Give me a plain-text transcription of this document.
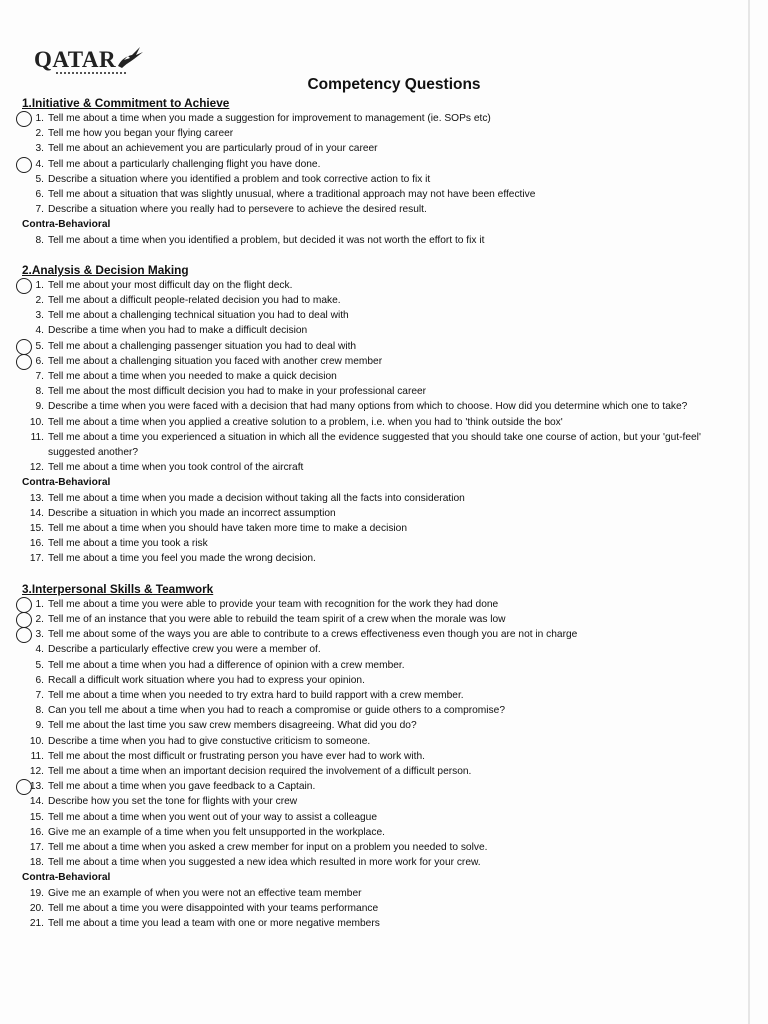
QATAR
Competency Questions
1.Initiative & Commitment to Achieve
1. Tell me about a time when you made a suggestion for improvement to management (ie. SOPs etc)
2. Tell me how you began your flying career
3. Tell me about an achievement you are particularly proud of in your career
4. Tell me about a particularly challenging flight you have done.
5. Describe a situation where you identified a problem and took corrective action to fix it
6. Tell me about a situation that was slightly unusual, where a traditional approach may not have been effective
7. Describe a situation where you really had to persevere to achieve the desired result.
Contra-Behavioral
8. Tell me about a time when you identified a problem, but decided it was not worth the effort to fix it
2.Analysis & Decision Making
1. Tell me about your most difficult day on the flight deck.
2. Tell me about a difficult people-related decision you had to make.
3. Tell me about a challenging technical situation you had to deal with
4. Describe a time when you had to make a difficult decision
5. Tell me about a challenging passenger situation you had to deal with
6. Tell me about a challenging situation you faced with another crew member
7. Tell me about a time when you needed to make a quick decision
8. Tell me about the most difficult decision you had to make in your professional career
9. Describe a time when you were faced with a decision that had many options from which to choose. How did you determine which one to take?
10. Tell me about a time when you applied a creative solution to a problem, i.e. when you had to 'think outside the box'
11. Tell me about a time you experienced a situation in which all the evidence suggested that you should take one course of action, but your 'gut-feel' suggested another?
12. Tell me about a time when you took control of the aircraft
Contra-Behavioral
13. Tell me about a time when you made a decision without taking all the facts into consideration
14. Describe a situation in which you made an incorrect assumption
15. Tell me about a time when you should have taken more time to make a decision
16. Tell me about a time you took a risk
17. Tell me about a time you feel you made the wrong decision.
3.Interpersonal Skills & Teamwork
1. Tell me about a time you were able to provide your team with recognition for the work they had done
2. Tell me of an instance that you were able to rebuild the team spirit of a crew when the morale was low
3. Tell me about some of the ways you are able to contribute to a crews effectiveness even though you are not in charge
4. Describe a particularly effective crew you were a member of.
5. Tell me about a time when you had a difference of opinion with a crew member.
6. Recall a difficult work situation where you had to express your opinion.
7. Tell me about a time when you needed to try extra hard to build rapport with a crew member.
8. Can you tell me about a time when you had to reach a compromise or guide others to a compromise?
9. Tell me about the last time you saw crew members disagreeing. What did you do?
10. Describe a time when you had to give constuctive criticism to someone.
11. Tell me about the most difficult or frustrating person you have ever had to work with.
12. Tell me about a time when an important decision required the involvement of a difficult person.
13. Tell me about a time when you gave feedback to a Captain.
14. Describe how you set the tone for flights with your crew
15. Tell me about a time when you went out of your way to assist a colleague
16. Give me an example of a time when you felt unsupported in the workplace.
17. Tell me about a time when you asked a crew member for input on a problem you needed to solve.
18. Tell me about a time when you suggested a new idea which resulted in more work for your crew.
Contra-Behavioral
19. Give me an example of when you were not an effective team member
20. Tell me about a time you were disappointed with your teams performance
21. Tell me about a time you lead a team with one or more negative members
